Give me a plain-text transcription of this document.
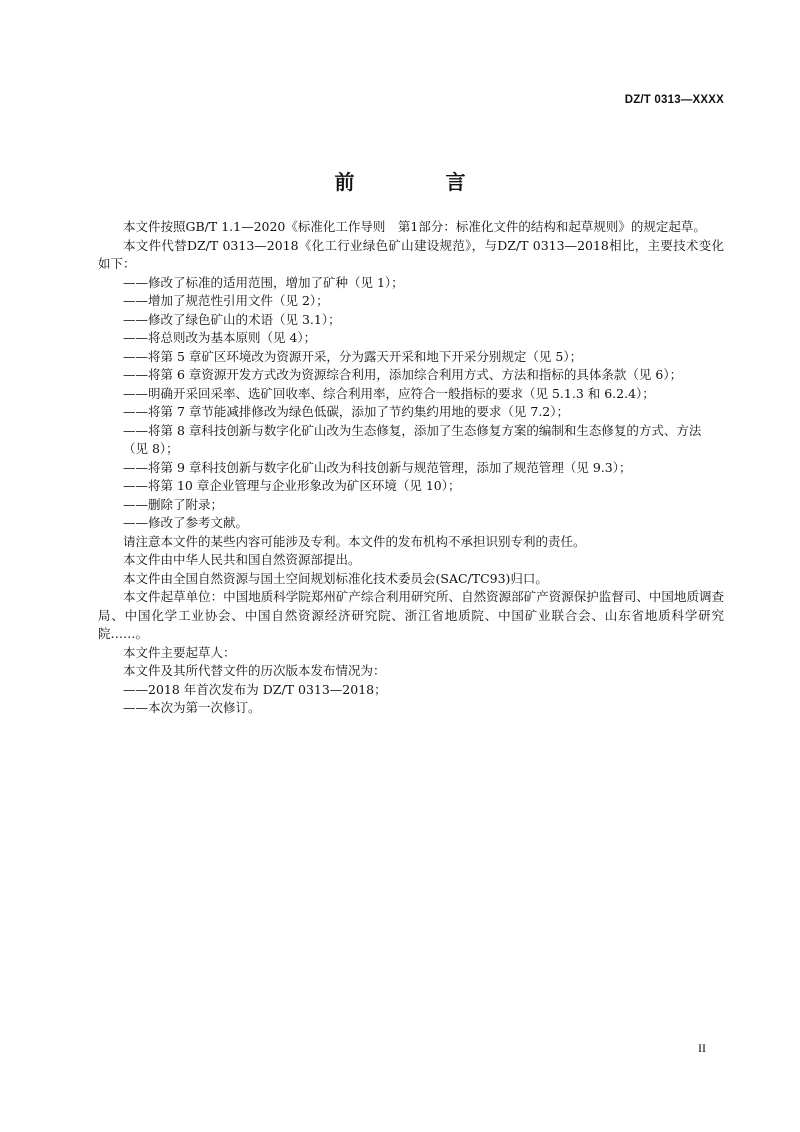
DZ/T 0313—XXXX
前 言

本文件按照GB/T 1.1—2020《标准化工作导则　第1部分：标准化文件的结构和起草规则》的规定起草。

本文件代替DZ/T 0313—2018《化工行业绿色矿山建设规范》，与DZ/T 0313—2018相比，主要技术变化如下：

——修改了标准的适用范围，增加了矿种（见 1）；

——增加了规范性引用文件（见 2）；

——修改了绿色矿山的术语（见 3.1）；

——将总则改为基本原则（见 4）；

——将第 5 章矿区环境改为资源开采，分为露天开采和地下开采分别规定（见 5）；

——将第 6 章资源开发方式改为资源综合利用，添加综合利用方式、方法和指标的具体条款（见 6）；

——明确开采回采率、选矿回收率、综合利用率，应符合一般指标的要求（见 5.1.3 和 6.2.4）；

——将第 7 章节能减排修改为绿色低碳，添加了节约集约用地的要求（见 7.2）；

——将第 8 章科技创新与数字化矿山改为生态修复，添加了生态修复方案的编制和生态修复的方式、方法（见 8）；

——将第 9 章科技创新与数字化矿山改为科技创新与规范管理，添加了规范管理（见 9.3）；

——将第 10 章企业管理与企业形象改为矿区环境（见 10）；

——删除了附录；

——修改了参考文献。

请注意本文件的某些内容可能涉及专利。本文件的发布机构不承担识别专利的责任。

本文件由中华人民共和国自然资源部提出。

本文件由全国自然资源与国土空间规划标准化技术委员会(SAC/TC93)归口。

本文件起草单位：中国地质科学院郑州矿产综合利用研究所、自然资源部矿产资源保护监督司、中国地质调查局、中国化学工业协会、中国自然资源经济研究院、浙江省地质院、中国矿业联合会、山东省地质科学研究院……。

本文件主要起草人：

本文件及其所代替文件的历次版本发布情况为：

——2018 年首次发布为 DZ/T 0313—2018；

——本次为第一次修订。

II
